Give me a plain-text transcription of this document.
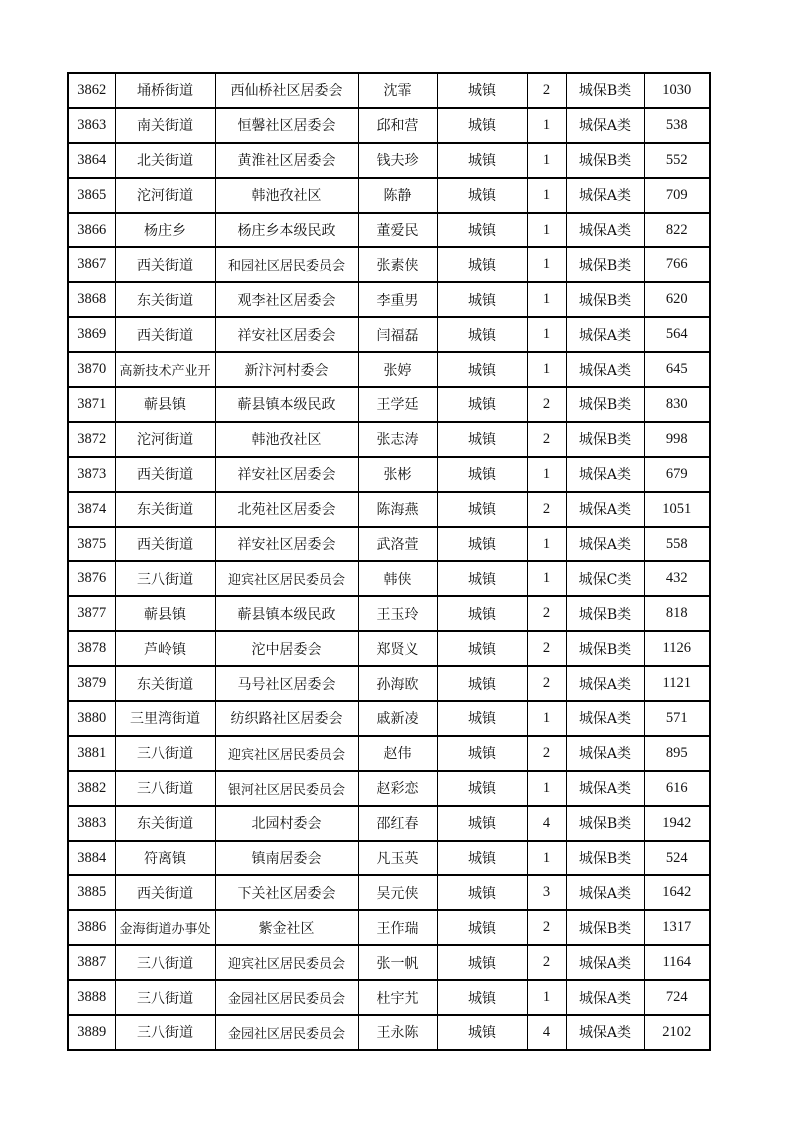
3862	埇桥街道	西仙桥社区居委会	沈霏	城镇	2	城保B类	1030
3863	南关街道	恒馨社区居委会	邱和营	城镇	1	城保A类	538
3864	北关街道	黄淮社区居委会	钱夫珍	城镇	1	城保B类	552
3865	沱河街道	韩池孜社区	陈静	城镇	1	城保A类	709
3866	杨庄乡	杨庄乡本级民政	董爱民	城镇	1	城保A类	822
3867	西关街道	和园社区居民委员会	张素侠	城镇	1	城保B类	766
3868	东关街道	观李社区居委会	李重男	城镇	1	城保B类	620
3869	西关街道	祥安社区居委会	闫福磊	城镇	1	城保A类	564
3870	高新技术产业开	新汴河村委会	张婷	城镇	1	城保A类	645
3871	蕲县镇	蕲县镇本级民政	王学廷	城镇	2	城保B类	830
3872	沱河街道	韩池孜社区	张志涛	城镇	2	城保B类	998
3873	西关街道	祥安社区居委会	张彬	城镇	1	城保A类	679
3874	东关街道	北苑社区居委会	陈海燕	城镇	2	城保A类	1051
3875	西关街道	祥安社区居委会	武洛萱	城镇	1	城保A类	558
3876	三八街道	迎宾社区居民委员会	韩侠	城镇	1	城保C类	432
3877	蕲县镇	蕲县镇本级民政	王玉玲	城镇	2	城保B类	818
3878	芦岭镇	沱中居委会	郑贤义	城镇	2	城保B类	1126
3879	东关街道	马号社区居委会	孙海欧	城镇	2	城保A类	1121
3880	三里湾街道	纺织路社区居委会	戚新凌	城镇	1	城保A类	571
3881	三八街道	迎宾社区居民委员会	赵伟	城镇	2	城保A类	895
3882	三八街道	银河社区居民委员会	赵彩恋	城镇	1	城保A类	616
3883	东关街道	北园村委会	邵红春	城镇	4	城保B类	1942
3884	符离镇	镇南居委会	凡玉英	城镇	1	城保B类	524
3885	西关街道	下关社区居委会	吴元侠	城镇	3	城保A类	1642
3886	金海街道办事处	紫金社区	王作瑞	城镇	2	城保B类	1317
3887	三八街道	迎宾社区居民委员会	张一帆	城镇	2	城保A类	1164
3888	三八街道	金园社区居民委员会	杜宇艽	城镇	1	城保A类	724
3889	三八街道	金园社区居民委员会	王永陈	城镇	4	城保A类	2102
